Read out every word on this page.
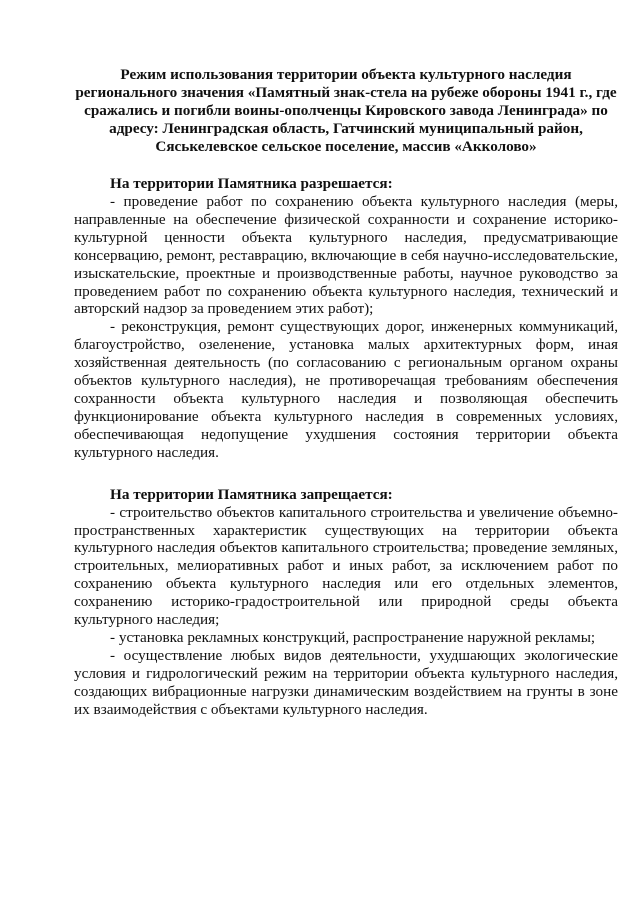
Режим использования территории объекта культурного наследия
регионального значения «Памятный знак-стела на рубеже обороны 1941 г., где
сражались и погибли воины-ополченцы Кировского завода Ленинграда» по
адресу: Ленинградская область, Гатчинский муниципальный район,
Сяськелевское сельское поселение, массив «Акколово»
На территории Памятника разрешается:

- проведение работ по сохранению объекта культурного наследия (меры, направленные на обеспечение физической сохранности и сохранение историко-культурной ценности объекта культурного наследия, предусматривающие консервацию, ремонт, реставрацию, включающие в себя научно-исследовательские, изыскательские, проектные и производственные работы, научное руководство за проведением работ по сохранению объекта культурного наследия, технический и авторский надзор за проведением этих работ);

- реконструкция, ремонт существующих дорог, инженерных коммуникаций, благоустройство, озеленение, установка малых архитектурных форм, иная хозяйственная деятельность (по согласованию с региональным органом охраны объектов культурного наследия), не противоречащая требованиям обеспечения сохранности объекта культурного наследия и позволяющая обеспечить функционирование объекта культурного наследия в современных условиях, обеспечивающая недопущение ухудшения состояния территории объекта культурного наследия.

На территории Памятника запрещается:

- строительство объектов капитального строительства и увеличение объемно-пространственных характеристик существующих на территории объекта культурного наследия объектов капитального строительства; проведение земляных, строительных, мелиоративных работ и иных работ, за исключением работ по сохранению объекта культурного наследия или его отдельных элементов, сохранению историко-градостроительной или природной среды объекта культурного наследия;

- установка рекламных конструкций, распространение наружной рекламы;

- осуществление любых видов деятельности, ухудшающих экологические условия и гидрологический режим на территории объекта культурного наследия, создающих вибрационные нагрузки динамическим воздействием на грунты в зоне их взаимодействия с объектами культурного наследия.
